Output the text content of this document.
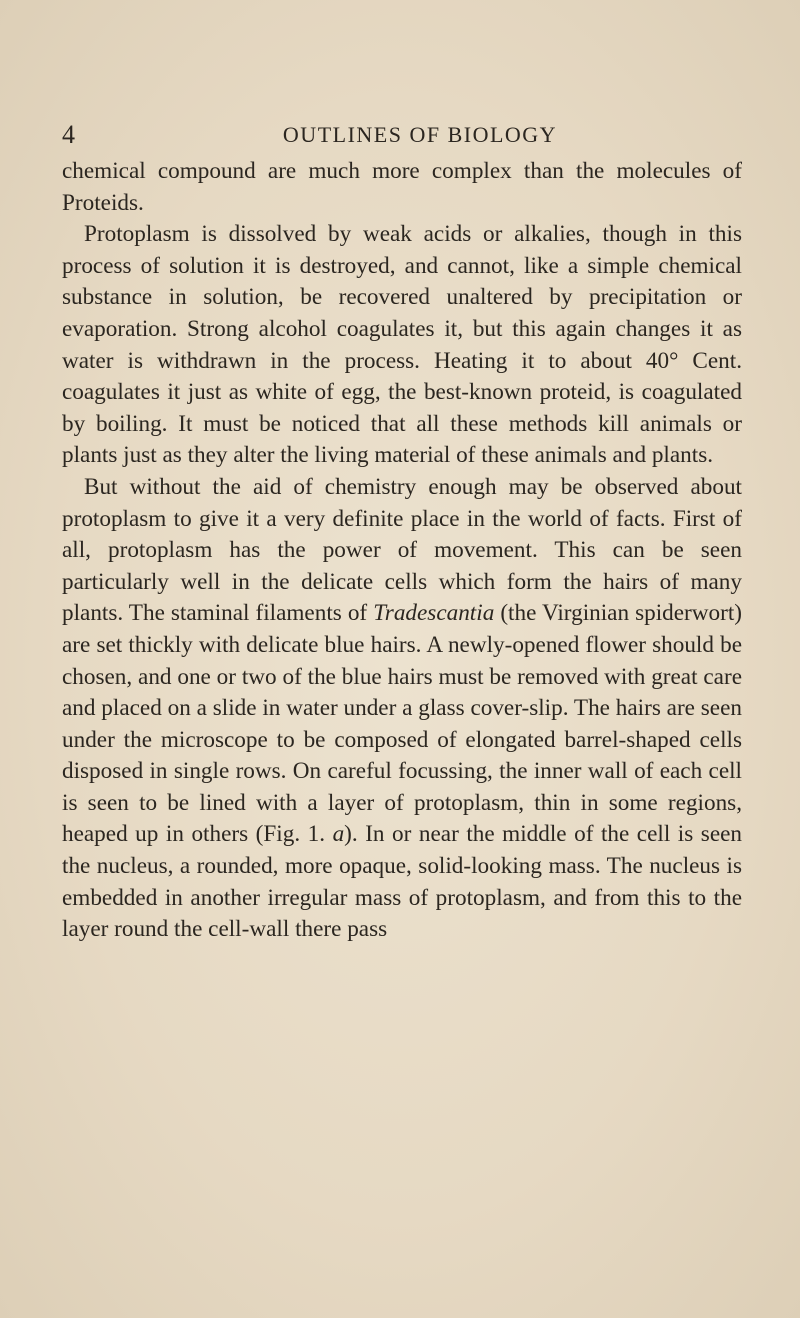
4	OUTLINES OF BIOLOGY

chemical compound are much more complex than the molecules of Proteids.

Protoplasm is dissolved by weak acids or alkalies, though in this process of solution it is destroyed, and cannot, like a simple chemical substance in solution, be recovered unaltered by precipitation or evaporation. Strong alcohol coagulates it, but this again changes it as water is withdrawn in the process. Heating it to about 40° Cent. coagulates it just as white of egg, the best-known proteid, is coagulated by boiling. It must be noticed that all these methods kill animals or plants just as they alter the living material of these animals and plants.

But without the aid of chemistry enough may be observed about protoplasm to give it a very definite place in the world of facts. First of all, protoplasm has the power of movement. This can be seen particularly well in the delicate cells which form the hairs of many plants. The staminal filaments of Tradescantia (the Virginian spiderwort) are set thickly with delicate blue hairs. A newly-opened flower should be chosen, and one or two of the blue hairs must be removed with great care and placed on a slide in water under a glass cover-slip. The hairs are seen under the microscope to be composed of elongated barrel-shaped cells disposed in single rows. On careful focussing, the inner wall of each cell is seen to be lined with a layer of protoplasm, thin in some regions, heaped up in others (Fig. 1. a). In or near the middle of the cell is seen the nucleus, a rounded, more opaque, solid-looking mass. The nucleus is embedded in another irregular mass of protoplasm, and from this to the layer round the cell-wall there pass
